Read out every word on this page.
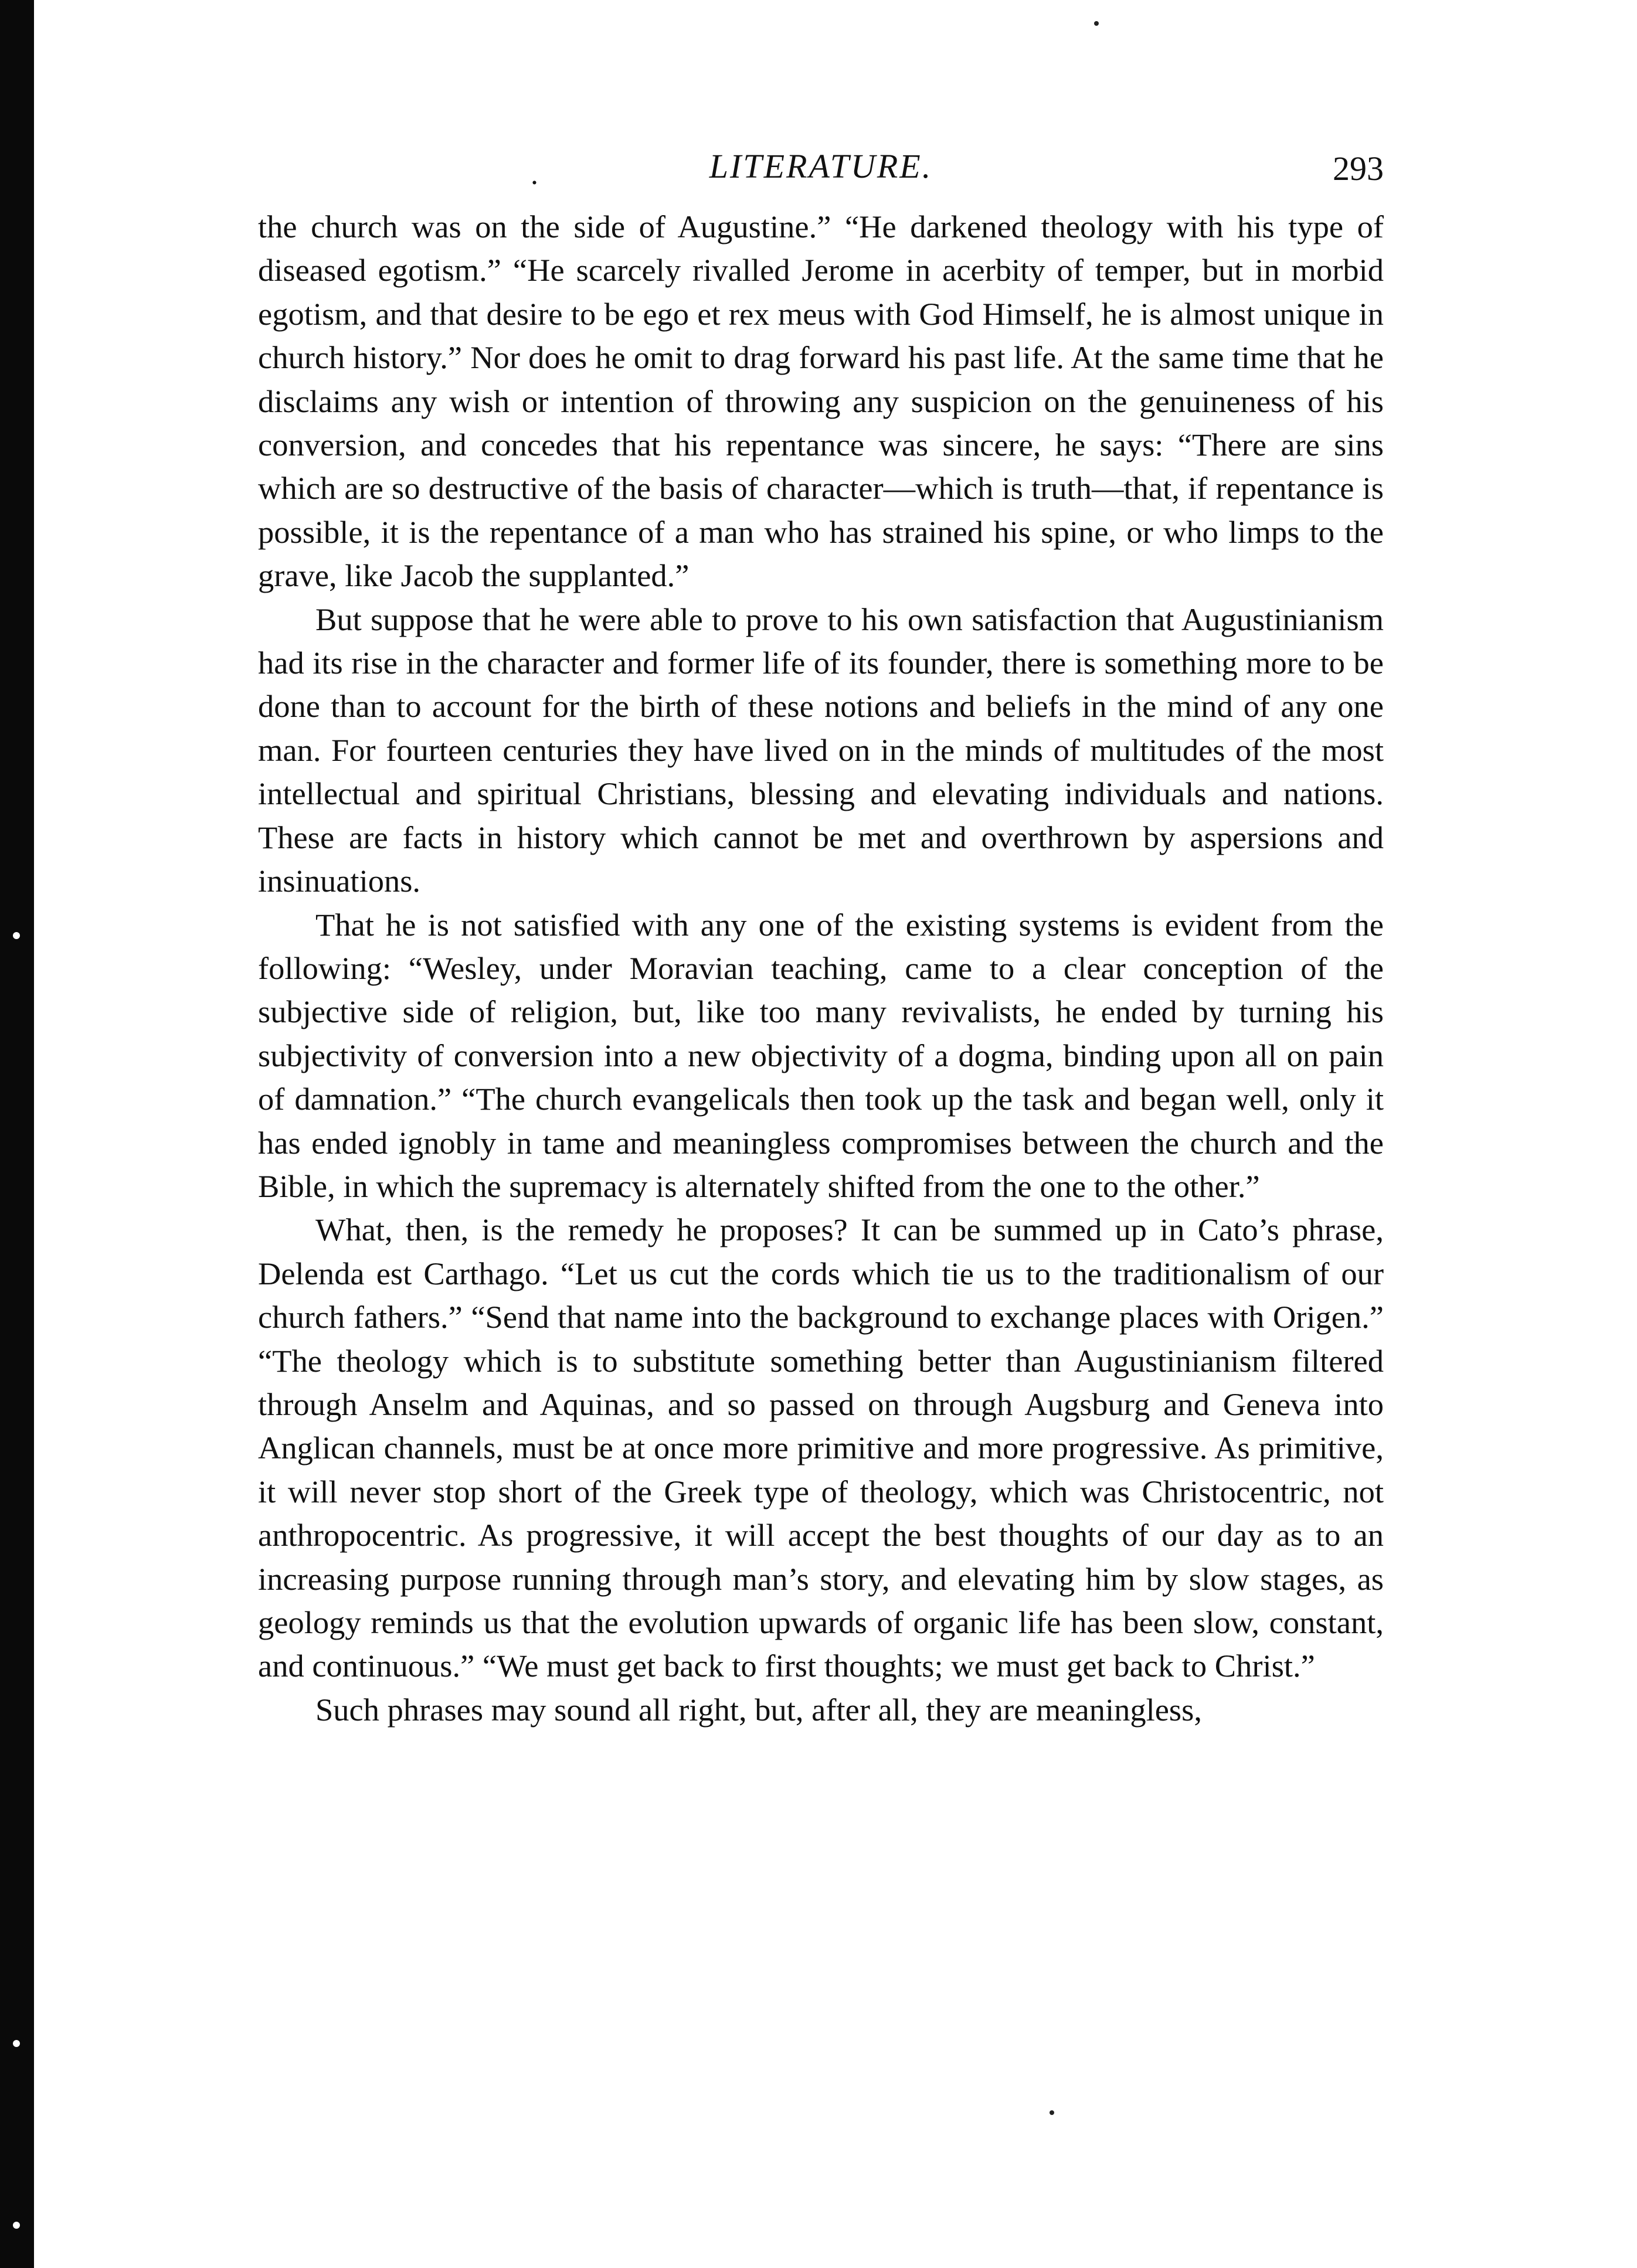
.	LITERATURE.	293

the church was on the side of Augustine.” “He darkened theology with his type of diseased egotism.” “He scarcely rivalled Jerome in acerbity of temper, but in morbid egotism, and that desire to be ego et rex meus with God Himself, he is almost unique in church history.” Nor does he omit to drag forward his past life. At the same time that he disclaims any wish or intention of throwing any suspicion on the genuineness of his conversion, and concedes that his repentance was sincere, he says: “There are sins which are so destructive of the basis of character—which is truth—that, if repentance is possible, it is the repentance of a man who has strained his spine, or who limps to the grave, like Jacob the supplanted.”

But suppose that he were able to prove to his own satisfaction that Augustinianism had its rise in the character and former life of its founder, there is something more to be done than to account for the birth of these notions and beliefs in the mind of any one man. For fourteen centuries they have lived on in the minds of multitudes of the most intellectual and spiritual Christians, blessing and elevating individuals and nations. These are facts in history which cannot be met and overthrown by aspersions and insinuations.

That he is not satisfied with any one of the existing systems is evident from the following: “Wesley, under Moravian teaching, came to a clear conception of the subjective side of religion, but, like too many revivalists, he ended by turning his subjectivity of conversion into a new objectivity of a dogma, binding upon all on pain of damnation.” “The church evangelicals then took up the task and began well, only it has ended ignobly in tame and meaningless compromises between the church and the Bible, in which the supremacy is alternately shifted from the one to the other.”

What, then, is the remedy he proposes? It can be summed up in Cato’s phrase, Delenda est Carthago. “Let us cut the cords which tie us to the traditionalism of our church fathers.” “Send that name into the background to exchange places with Origen.” “The theology which is to substitute something better than Augustinianism filtered through Anselm and Aquinas, and so passed on through Augsburg and Geneva into Anglican channels, must be at once more primitive and more progressive. As primitive, it will never stop short of the Greek type of theology, which was Christocentric, not anthropocentric. As progressive, it will accept the best thoughts of our day as to an increasing purpose running through man’s story, and elevating him by slow stages, as geology reminds us that the evolution upwards of organic life has been slow, constant, and continuous.” “We must get back to first thoughts; we must get back to Christ.”

Such phrases may sound all right, but, after all, they are meaningless,
